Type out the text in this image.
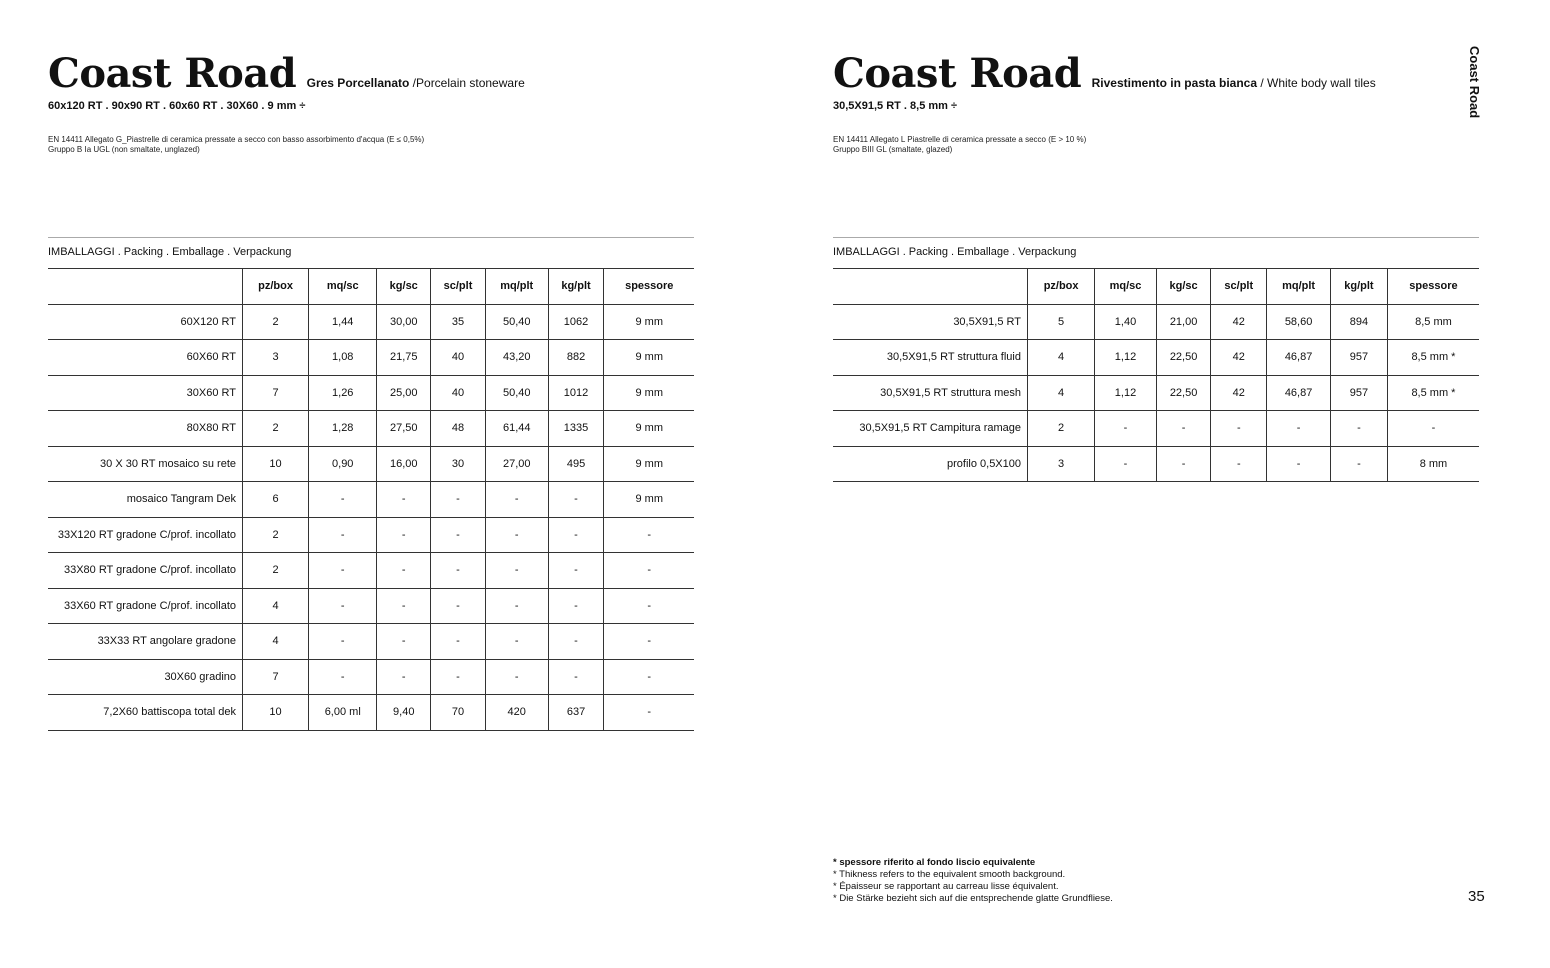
Coast Road Gres Porcellanato /Porcelain stoneware
60x120 RT . 90x90 RT . 60x60 RT . 30X60 . 9 mm ÷
EN 14411 Allegato G_Piastrelle di ceramica pressate a secco con basso assorbimento d'acqua (E ≤ 0,5%)
Gruppo B Ia UGL (non smaltate, unglazed)
IMBALLAGGI . Packing . Emballage . Verpackung
	pz/box	mq/sc	kg/sc	sc/plt	mq/plt	kg/plt	spessore
60X120 RT	2	1,44	30,00	35	50,40	1062	9 mm
60X60 RT	3	1,08	21,75	40	43,20	882	9 mm
30X60 RT	7	1,26	25,00	40	50,40	1012	9 mm
80X80 RT	2	1,28	27,50	48	61,44	1335	9 mm
30 X 30 RT mosaico su rete	10	0,90	16,00	30	27,00	495	9 mm
mosaico Tangram Dek	6	-	-	-	-	-	9 mm
33X120 RT gradone C/prof. incollato	2	-	-	-	-	-	-
33X80 RT gradone C/prof. incollato	2	-	-	-	-	-	-
33X60 RT gradone C/prof. incollato	4	-	-	-	-	-	-
33X33 RT angolare gradone	4	-	-	-	-	-	-
30X60 gradino	7	-	-	-	-	-	-
7,2X60 battiscopa total dek	10	6,00 ml	9,40	70	420	637	-
Coast Road Rivestimento in pasta bianca / White body wall tiles
30,5X91,5 RT . 8,5 mm ÷
EN 14411 Allegato L Piastrelle di ceramica pressate a secco (E > 10 %)
Gruppo BIII GL (smaltate, glazed)
IMBALLAGGI . Packing . Emballage . Verpackung
	pz/box	mq/sc	kg/sc	sc/plt	mq/plt	kg/plt	spessore
30,5X91,5 RT	5	1,40	21,00	42	58,60	894	8,5 mm
30,5X91,5 RT struttura fluid	4	1,12	22,50	42	46,87	957	8,5 mm *
30,5X91,5 RT struttura mesh	4	1,12	22,50	42	46,87	957	8,5 mm *
30,5X91,5 RT Campitura ramage	2	-	-	-	-	-	-
profilo 0,5X100	3	-	-	-	-	-	8 mm
Coast Road
* spessore riferito al fondo liscio equivalente
* Thikness refers to the equivalent smooth background.
* Épaisseur se rapportant au carreau lisse équivalent.
* Die Stärke bezieht sich auf die entsprechende glatte Grundfliese.	35
